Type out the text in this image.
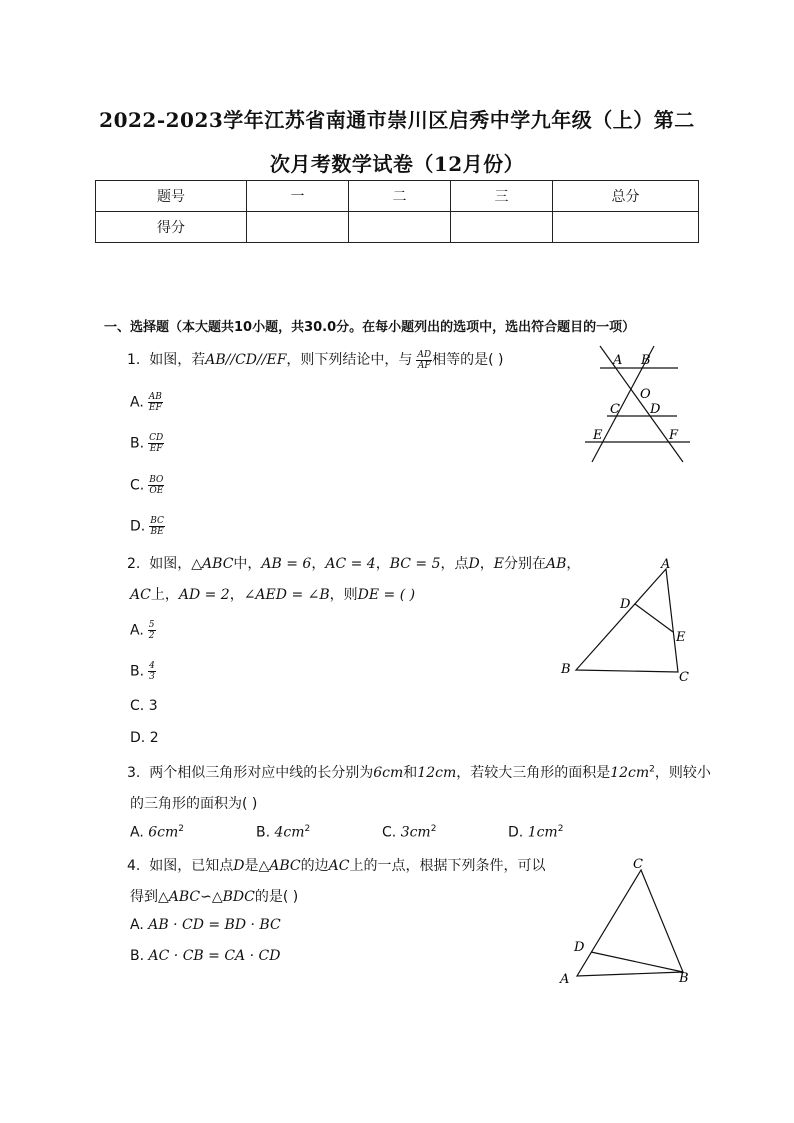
2022-2023学年江苏省南通市崇川区启秀中学九年级（上）第二
次月考数学试卷（12月份）
题号	一	二	三	总分
得分				
一、选择题（本大题共10小题，共30.0分。在每小题列出的选项中，选出符合题目的一项）
1. 如图，若AB//CD//EF，则下列结论中，与 $\frac{AD}{AF}$ 相等的是( )
A. $\frac{AB}{EF}$
B. $\frac{CD}{EF}$
C. $\frac{BO}{OE}$
D. $\frac{BC}{BE}$
A B
O
C D
E	F
2. 如图，△ABC中，AB = 6，AC = 4，BC = 5，点D，E分别在AB，
AC上，AD = 2，∠AED = ∠B，则DE = ( )
A. $\frac{5}{2}$
B. $\frac{4}{3}$
C. 3
D. 2
A
B
C
D
E
3. 两个相似三角形对应中线的长分别为6cm和12cm，若较大三角形的面积是$12cm^2$，则较小
的三角形的面积为( )
A. $6cm^2$	B. $4cm^2$	C. $3cm^2$	D. $1cm^2$
4. 如图，已知点D是△ABC的边AC上的一点，根据下列条件，可以
得到△ABC∽△BDC的是( )
A. AB · CD = BD · BC
B. AC · CB = CA · CD
C
D
A	B
